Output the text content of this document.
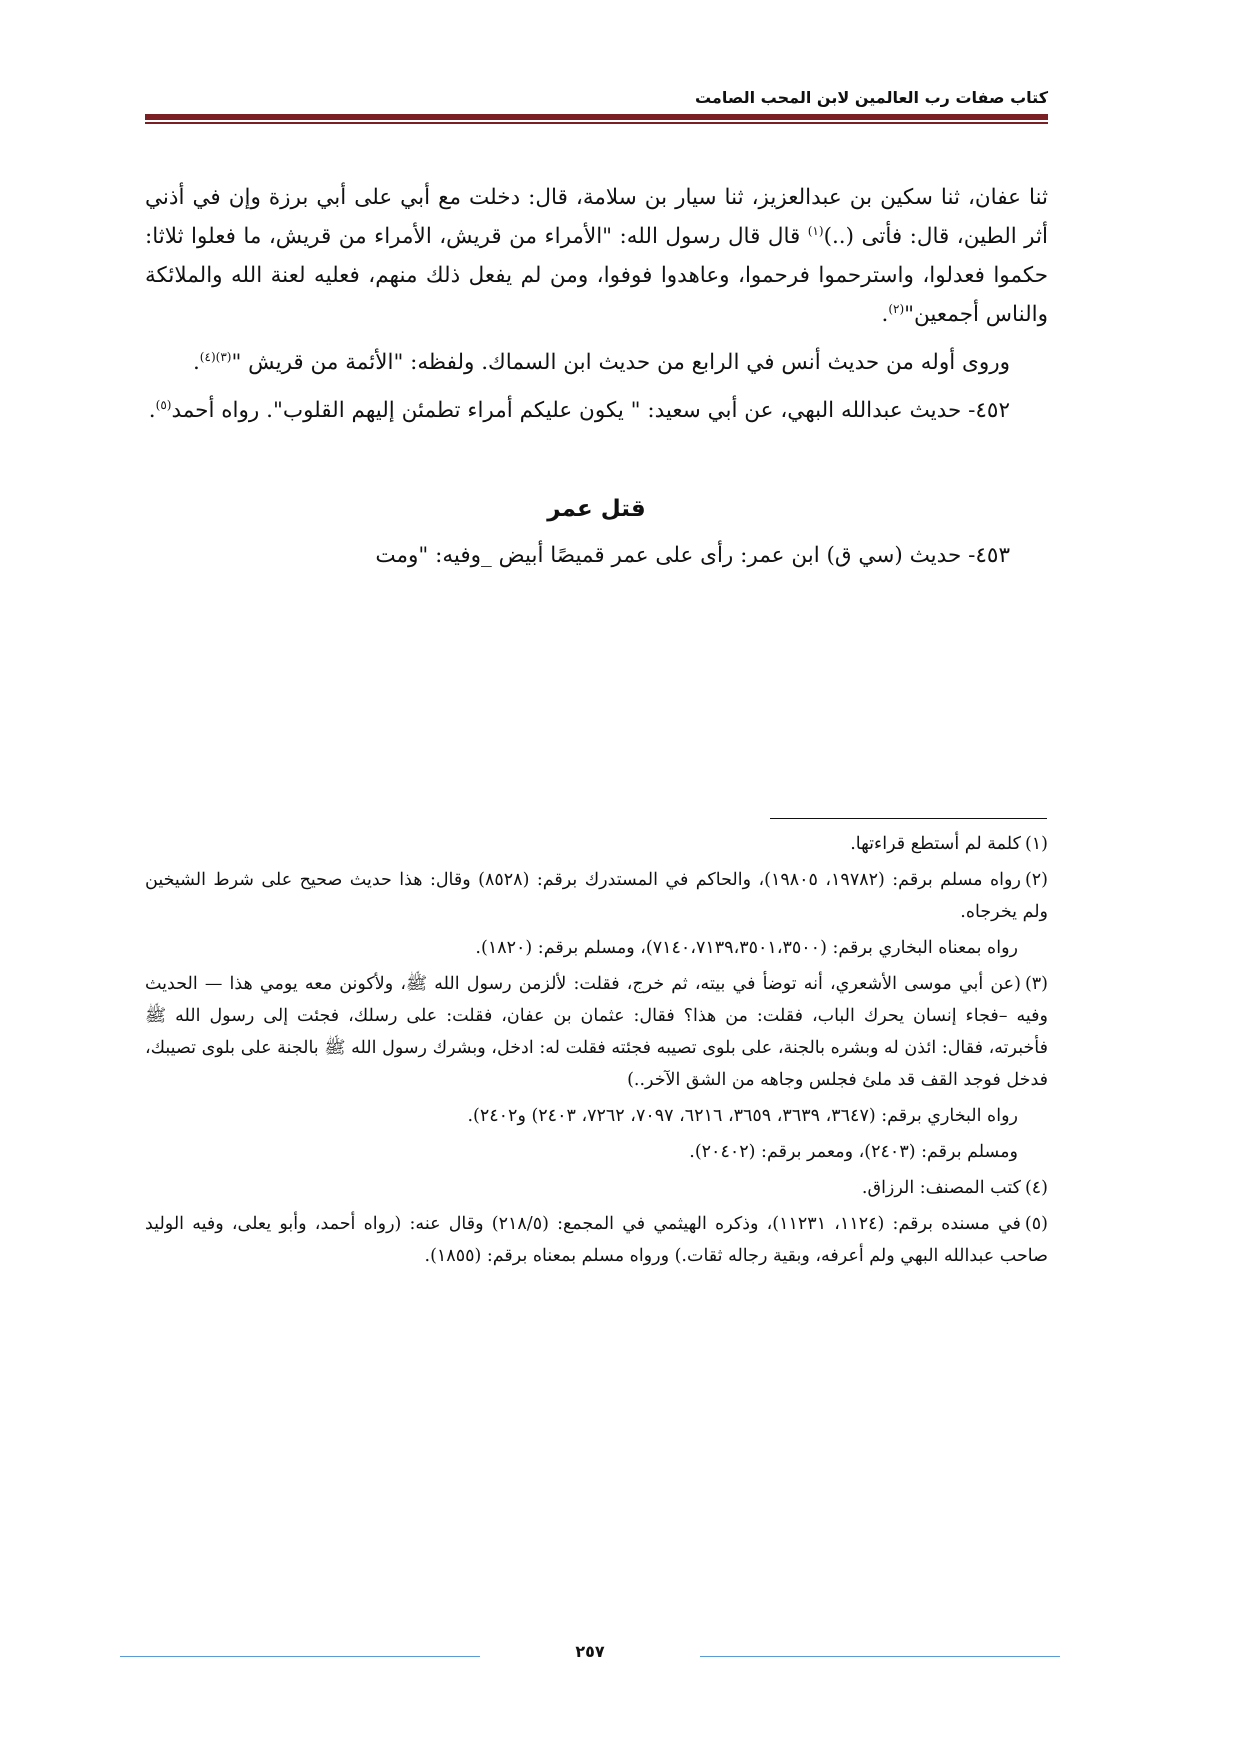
كتاب صفات رب العالمين لابن المحب الصامت

ثنا عفان، ثنا سكين بن عبدالعزيز، ثنا سيار بن سلامة، قال: دخلت مع أبي على أبي برزة وإن في أذني أثر الطين، قال: فأتى (..)$^{(١)}$ قال قال رسول الله: "الأمراء من قريش، الأمراء من قريش، ما فعلوا ثلاثا: حكموا فعدلوا، واسترحموا فرحموا، وعاهدوا فوفوا، ومن لم يفعل ذلك منهم، فعليه لعنة الله والملائكة والناس أجمعين"$^{(٢)}$.

وروى أوله من حديث أنس في الرابع من حديث ابن السماك. ولفظه: "الأئمة من قريش "$^{(٣)(٤)}$.

٤٥٢- حديث عبدالله البهي، عن أبي سعيد: " يكون عليكم أمراء تطمئن إليهم القلوب". رواه أحمد$^{(٥)}$.

قتل عمر

٤٥٣- حديث (سي ق) ابن عمر: رأى على عمر قميصًا أبيض _وفيه: "ومت

(١)كلمة لم أستطع قراءتها.

(٢)رواه مسلم برقم: (١٩٧٨٢، ١٩٨٠٥)، والحاكم في المستدرك برقم: (٨٥٢٨) وقال: هذا حديث صحيح على شرط الشيخين ولم يخرجاه.

رواه بمعناه البخاري برقم: (٧١٤٠،٧١٣٩،٣٥٠١،٣٥٠٠)، ومسلم برقم: (١٨٢٠).

(٣)(عن أبي موسى الأشعري، أنه توضأ في بيته، ثم خرج، فقلت: لألزمن رسول الله ﷺ، ولأكونن معه يومي هذا — الحديث وفيه –فجاء إنسان يحرك الباب، فقلت: من هذا؟ فقال: عثمان بن عفان، فقلت: على رسلك، فجئت إلى رسول الله ﷺ فأخبرته، فقال: ائذن له وبشره بالجنة، على بلوى تصيبه فجئته فقلت له: ادخل، وبشرك رسول الله ﷺ بالجنة على بلوى تصيبك، فدخل فوجد القف قد ملئ فجلس وجاهه من الشق الآخر..)

رواه البخاري برقم: (٣٦٤٧، ٣٦٣٩، ٣٦٥٩، ٦٢١٦، ٧٠٩٧، ٧٢٦٢، ٢٤٠٣) و٢٤٠٢).

ومسلم برقم: (٢٤٠٣)، ومعمر برقم: (٢٠٤٠٢).

(٤)كتب المصنف: الرزاق.

(٥)في مسنده برقم: (١١٢٤، ١١٢٣١)، وذكره الهيثمي في المجمع: (٢١٨/٥) وقال عنه: (رواه أحمد، وأبو يعلى، وفيه الوليد صاحب عبدالله البهي ولم أعرفه، وبقية رجاله ثقات.) ورواه مسلم بمعناه برقم: (١٨٥٥).

٢٥٧
